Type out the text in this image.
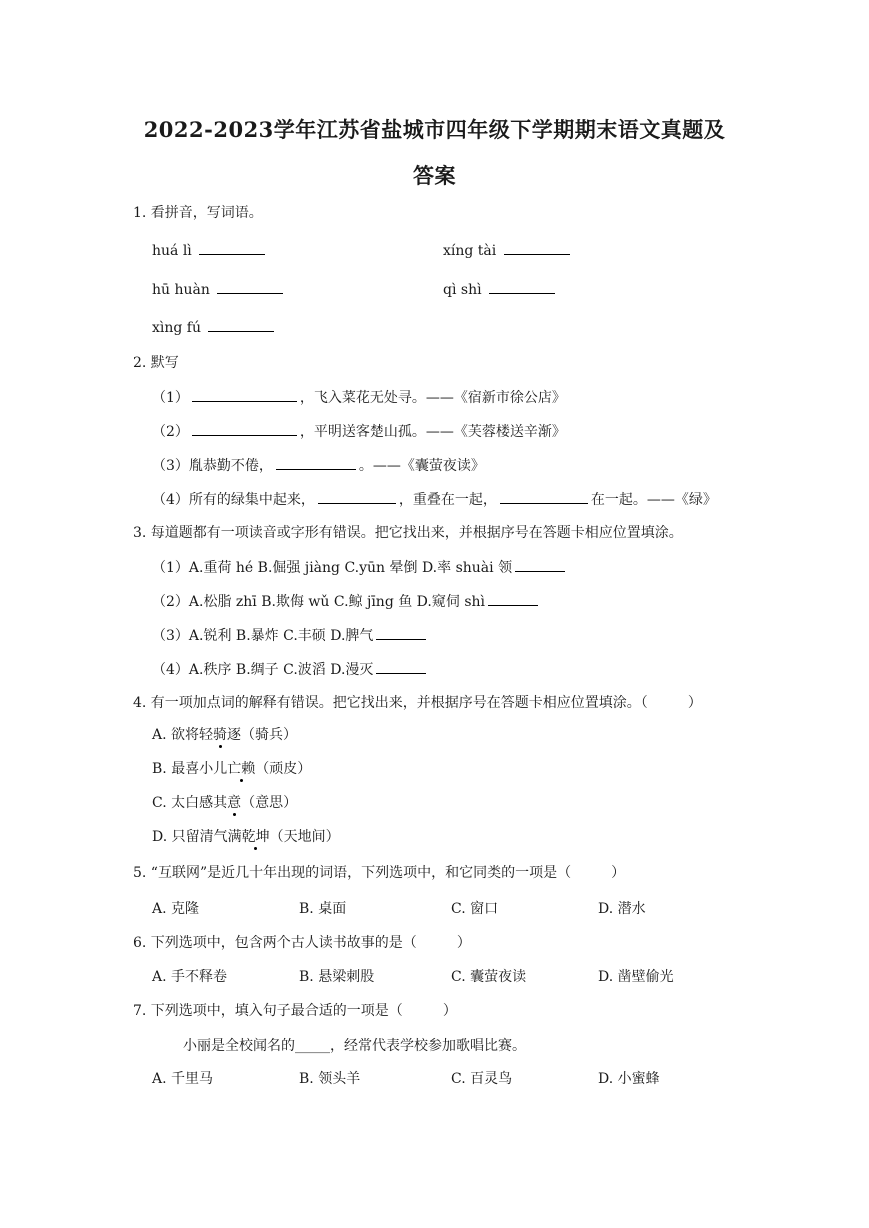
2022-2023学年江苏省盐城市四年级下学期期末语文真题及
答案
1. 看拼音，写词语。
huá lì	xíng tài
hū huàn	qì shì
xìng fú
2. 默写
（1）	，飞入菜花无处寻。——《宿新市徐公店》
（2）	，平明送客楚山孤。——《芙蓉楼送辛渐》
（3）胤恭勤不倦，	。——《囊萤夜读》
（4）所有的绿集中起来，	，重叠在一起，	在一起。——《绿》
3. 每道题都有一项读音或字形有错误。把它找出来，并根据序号在答题卡相应位置填涂。
（1）A.重荷 hé B.倔强 jiàng C.yūn 晕倒 D.率 shuài 领
（2）A.松脂 zhī B.欺侮 wǔ C.鲸 jīng 鱼 D.窥伺 shì
（3）A.锐利 B.暴炸 C.丰硕 D.脾气
（4）A.秩序 B.绸子 C.波滔 D.漫灭
4. 有一项加点词的解释有错误。把它找出来，并根据序号在答题卡相应位置填涂。（	）
A. 欲将轻骑逐（骑兵）
B. 最喜小儿亡赖（顽皮）
C. 太白感其意（意思）
D. 只留清气满乾坤（天地间）
5. “互联网”是近几十年出现的词语，下列选项中，和它同类的一项是（	）
A. 克隆	B. 桌面	C. 窗口	D. 潜水
6. 下列选项中，包含两个古人读书故事的是（	）
A. 手不释卷	B. 悬梁刺股	C. 囊萤夜读	D. 凿壁偷光
7. 下列选项中，填入句子最合适的一项是（	）
小丽是全校闻名的_____，经常代表学校参加歌唱比赛。
A. 千里马	B. 领头羊	C. 百灵鸟	D. 小蜜蜂
